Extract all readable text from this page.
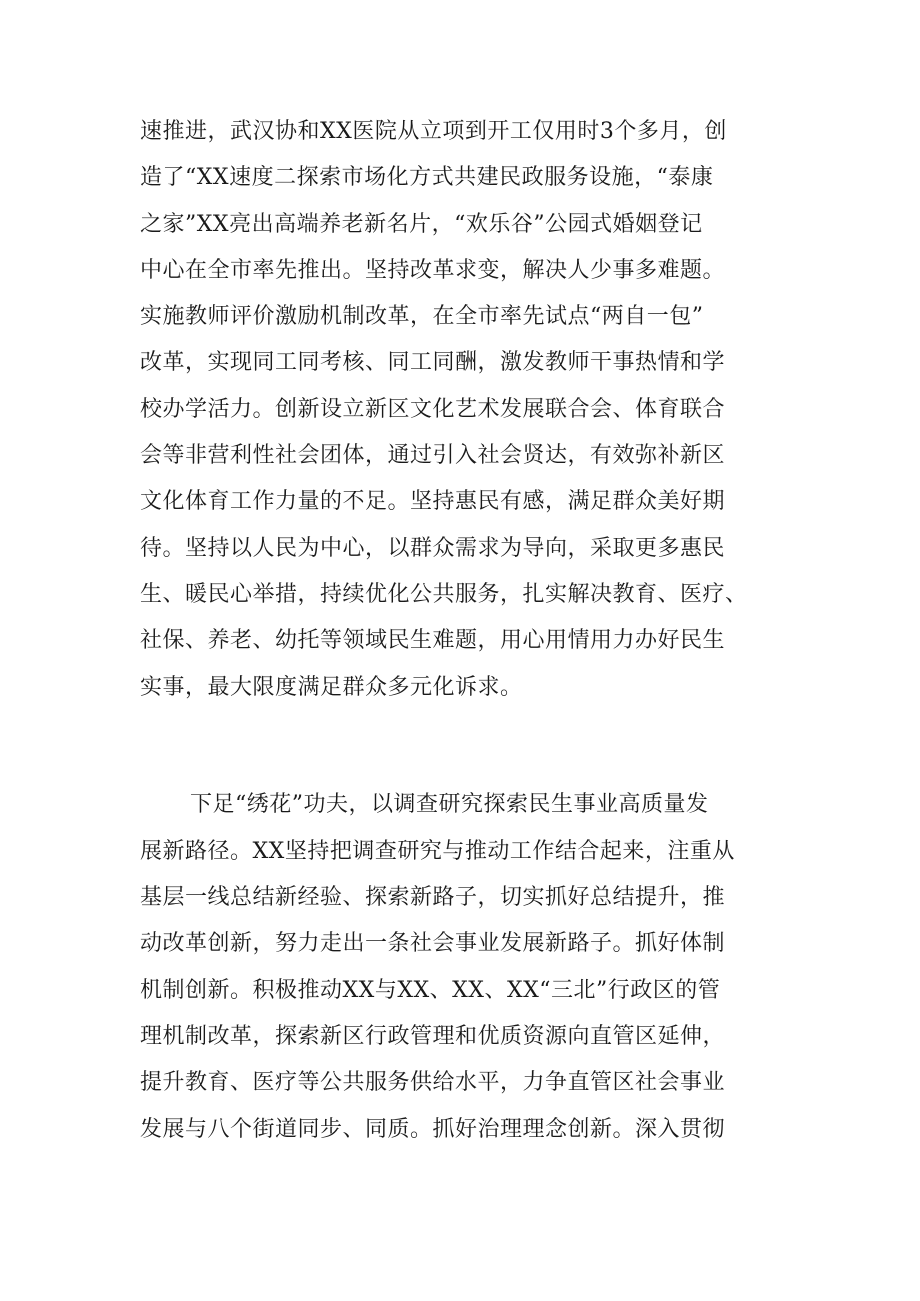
速推进，武汉协和XX医院从立项到开工仅用时3个多月，创
造了“XX速度二探索市场化方式共建民政服务设施，“泰康
之家”XX亮出高端养老新名片，“欢乐谷”公园式婚姻登记
中心在全市率先推出。坚持改革求变，解决人少事多难题。
实施教师评价激励机制改革，在全市率先试点“两自一包”
改革，实现同工同考核、同工同酬，激发教师干事热情和学
校办学活力。创新设立新区文化艺术发展联合会、体育联合
会等非营利性社会团体，通过引入社会贤达，有效弥补新区
文化体育工作力量的不足。坚持惠民有感，满足群众美好期
待。坚持以人民为中心，以群众需求为导向，采取更多惠民
生、暖民心举措，持续优化公共服务，扎实解决教育、医疗、
社保、养老、幼托等领域民生难题，用心用情用力办好民生
实事，最大限度满足群众多元化诉求。
下足“绣花”功夫，以调查研究探索民生事业高质量发
展新路径。XX坚持把调查研究与推动工作结合起来，注重从
基层一线总结新经验、探索新路子，切实抓好总结提升，推
动改革创新，努力走出一条社会事业发展新路子。抓好体制
机制创新。积极推动XX与XX、XX、XX“三北”行政区的管
理机制改革，探索新区行政管理和优质资源向直管区延伸，
提升教育、医疗等公共服务供给水平，力争直管区社会事业
发展与八个街道同步、同质。抓好治理理念创新。深入贯彻
